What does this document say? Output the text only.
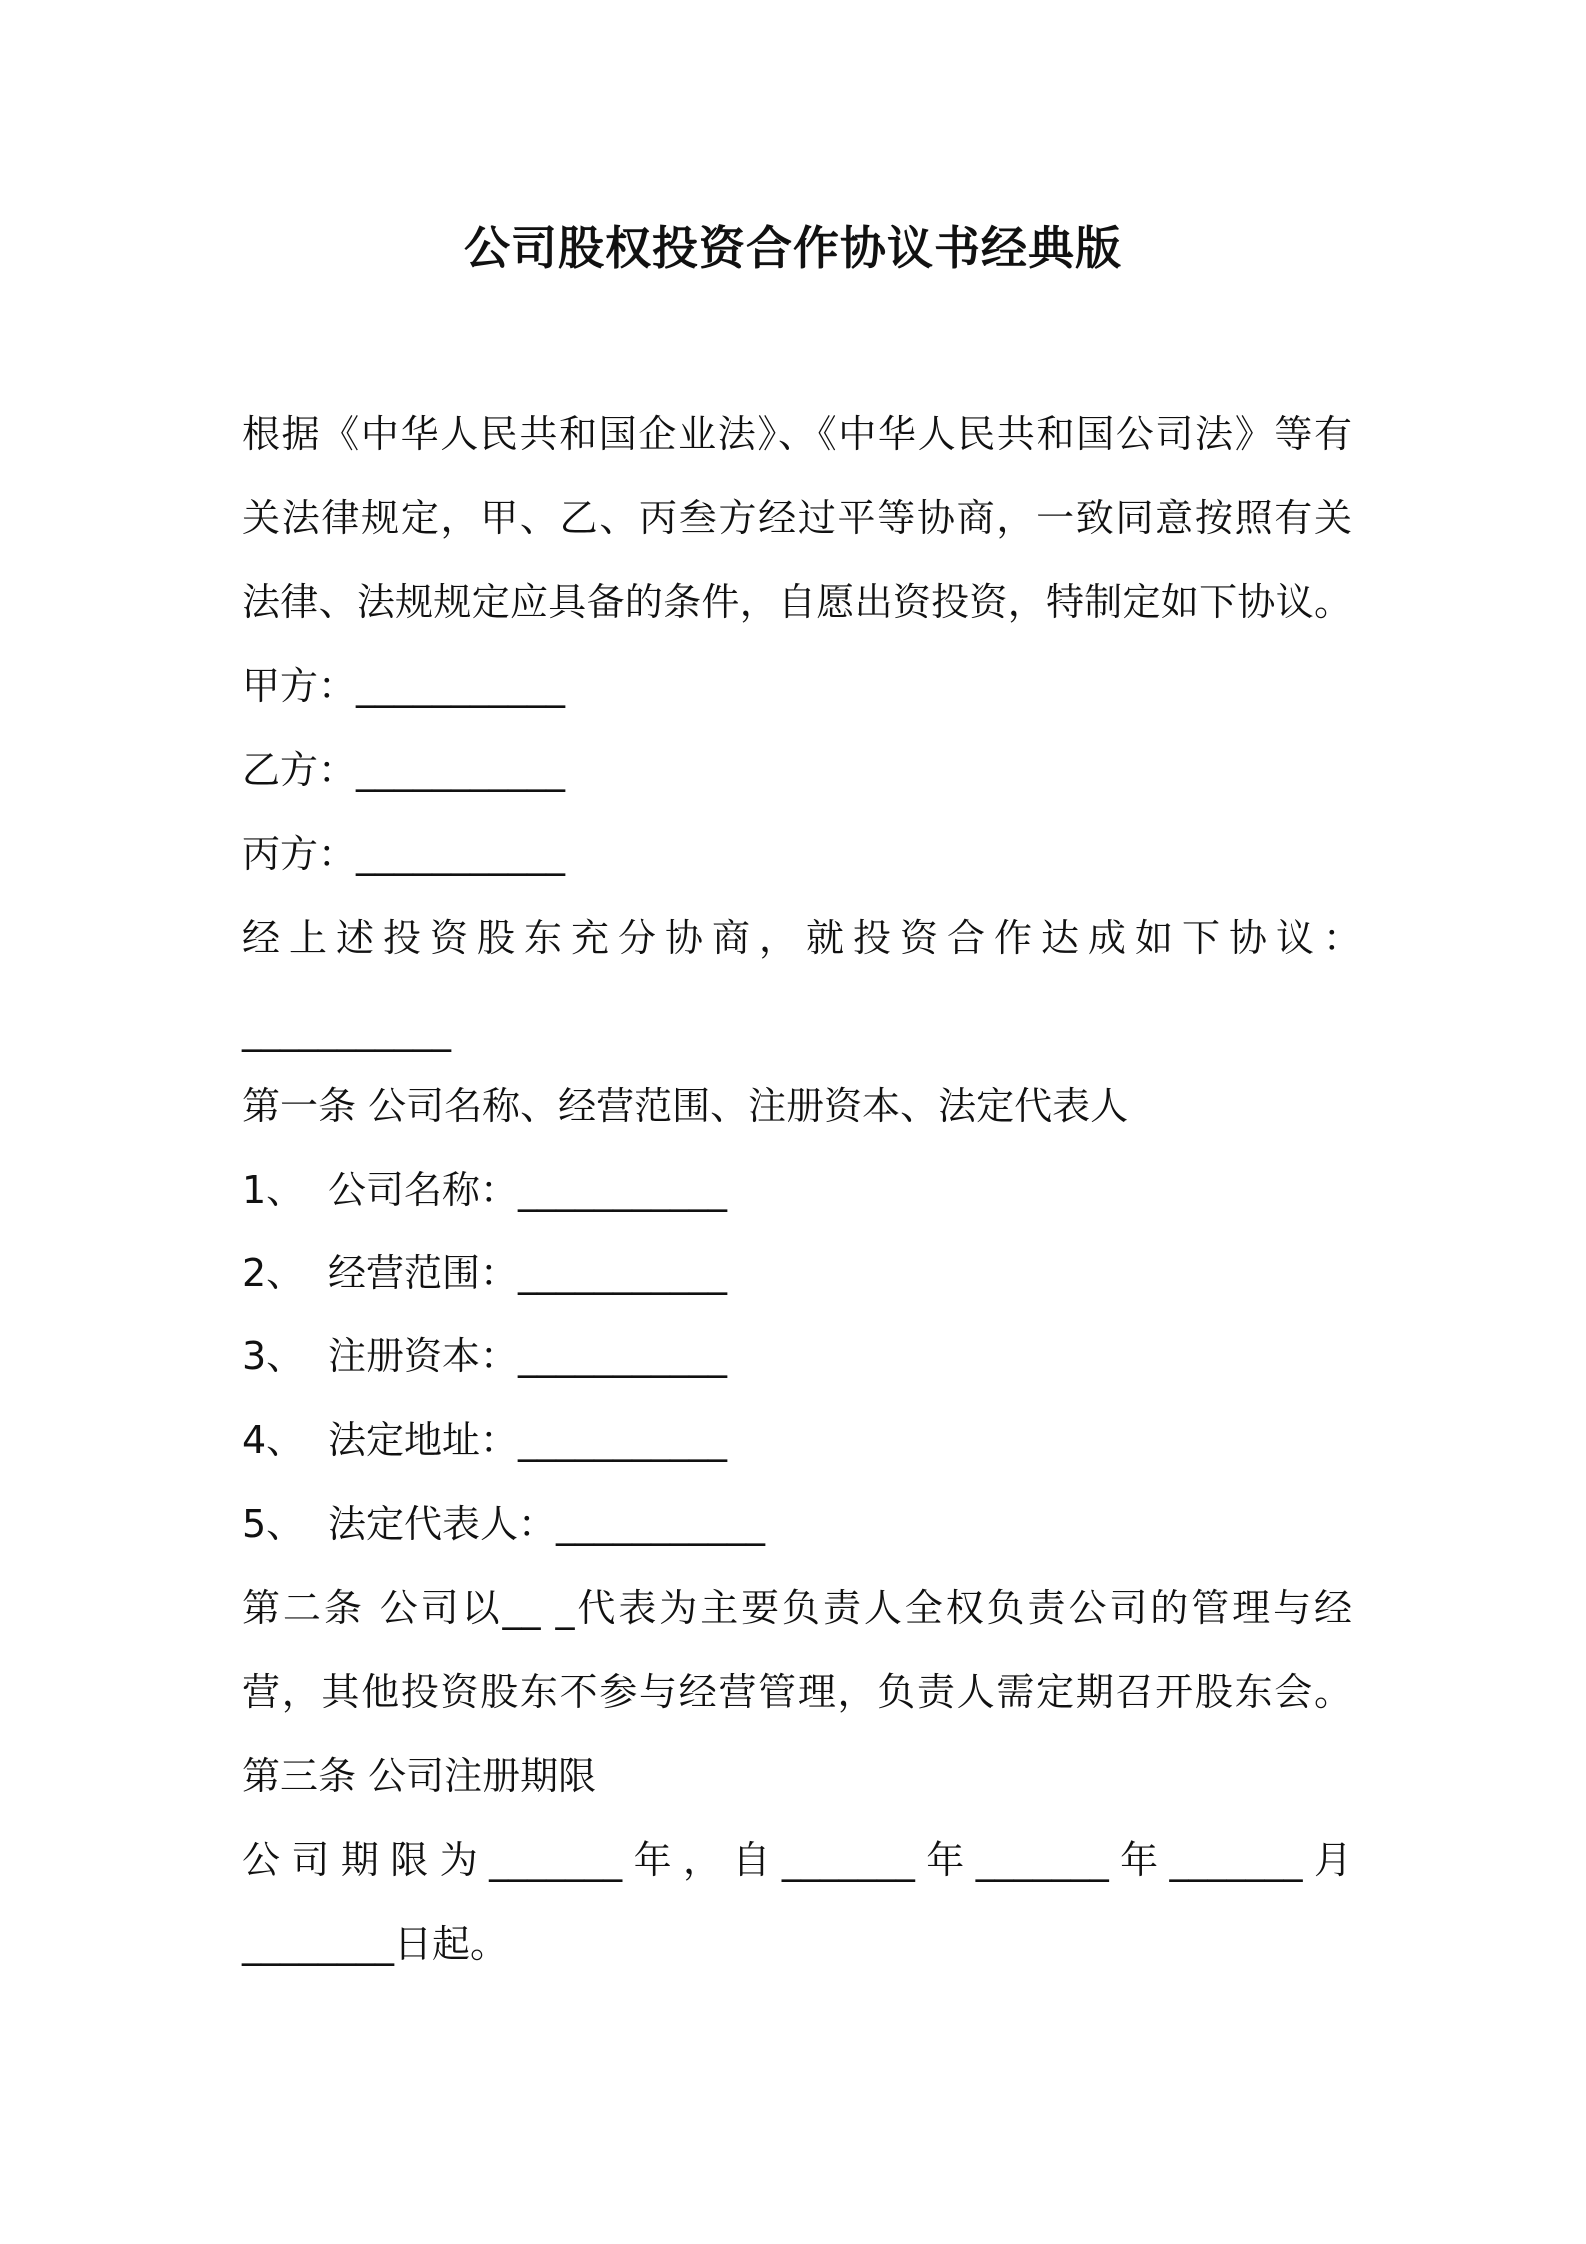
公司股权投资合作协议书经典版
根据《中华人民共和国企业法》、《中华人民共和国公司法》等有
关法律规定，甲、乙、丙叁方经过平等协商，一致同意按照有关
法律、法规规定应具备的条件，自愿出资投资，特制定如下协议。
甲方：___________
乙方：___________
丙方：___________
经上述投资股东充分协商，就投资合作达成如下协议：
___________
第一条 公司名称、经营范围、注册资本、法定代表人
1、 公司名称：___________
2、 经营范围：___________
3、 注册资本：___________
4、 法定地址：___________
5、 法定代表人：___________
第二条 公司以__ _代表为主要负责人全权负责公司的管理与经
营，其他投资股东不参与经营管理，负责人需定期召开股东会。
第三条 公司注册期限
公司期限为_______年，自_______年_______年_______月
________日起。
